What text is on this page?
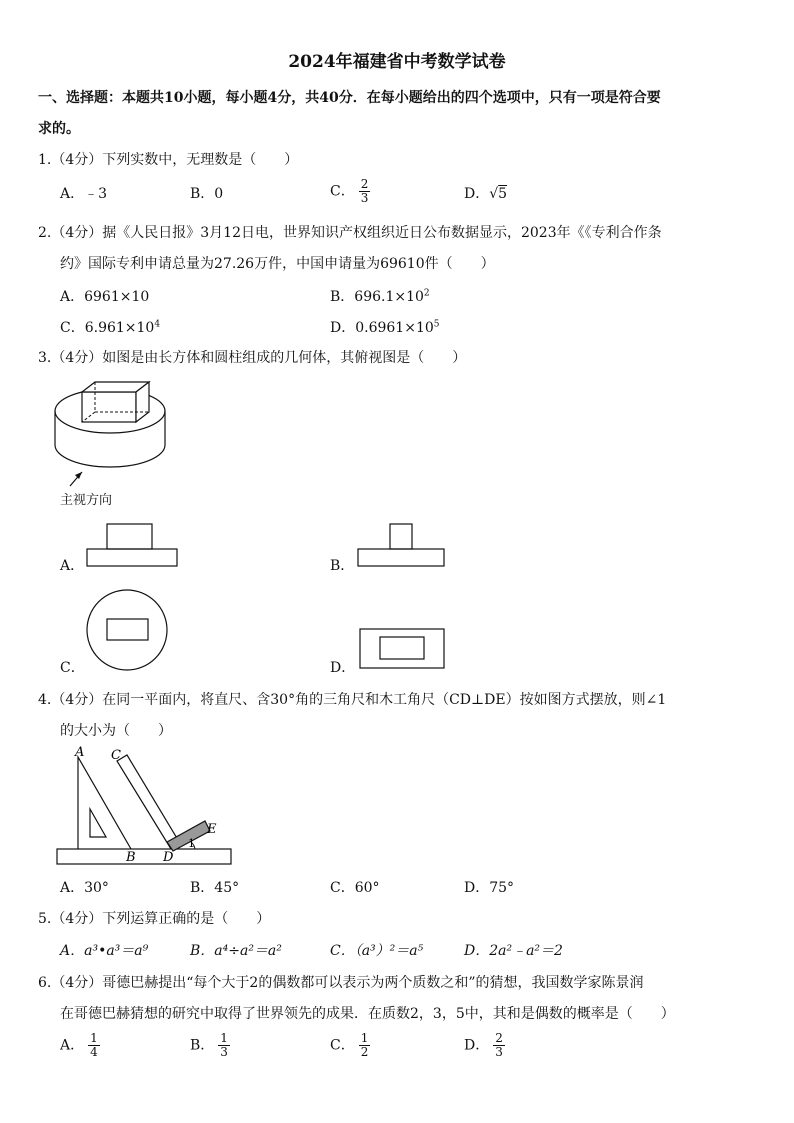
2024年福建省中考数学试卷
一、选择题：本题共10小题，每小题4分，共40分．在每小题给出的四个选项中，只有一项是符合要
求的。
1.（4分）下列实数中，无理数是（　　）
A．﹣3	B．0	C． $\frac{2}{3}$	D．√5
2.（4分）据《人民日报》3月12日电，世界知识产权组织近日公布数据显示，2023年《《专利合作条
约》国际专利申请总量为27.26万件，中国申请量为69610件（　　）
A．6961×10	B．$696.1\times 10^2$
C．$6.961\times 10^4$	D．$0.6961\times 10^5$
3.（4分）如图是由长方体和圆柱组成的几何体，其俯视图是（　　）
主视方向
A．	B．
C．	D．
4.（4分）在同一平面内，将直尺、含30°角的三角尺和木工角尺（CD⊥DE）按如图方式摆放，则∠1
的大小为（　　）
A C
B D
E
1
A．30°	B．45°	C．60°	D．75°
5.（4分）下列运算正确的是（　　）
A．a³•a³＝a⁹	B．a⁴÷a²＝a²	C．（a³）²＝a⁵	D．2a²﹣a²＝2
6.（4分）哥德巴赫提出“每个大于2的偶数都可以表示为两个质数之和”的猜想，我国数学家陈景润
在哥德巴赫猜想的研究中取得了世界领先的成果．在质数2，3，5中，其和是偶数的概率是（　　）
A． $\frac{1}{4}$	B． $\frac{1}{3}$	C． $\frac{1}{2}$	D． $\frac{2}{3}$
